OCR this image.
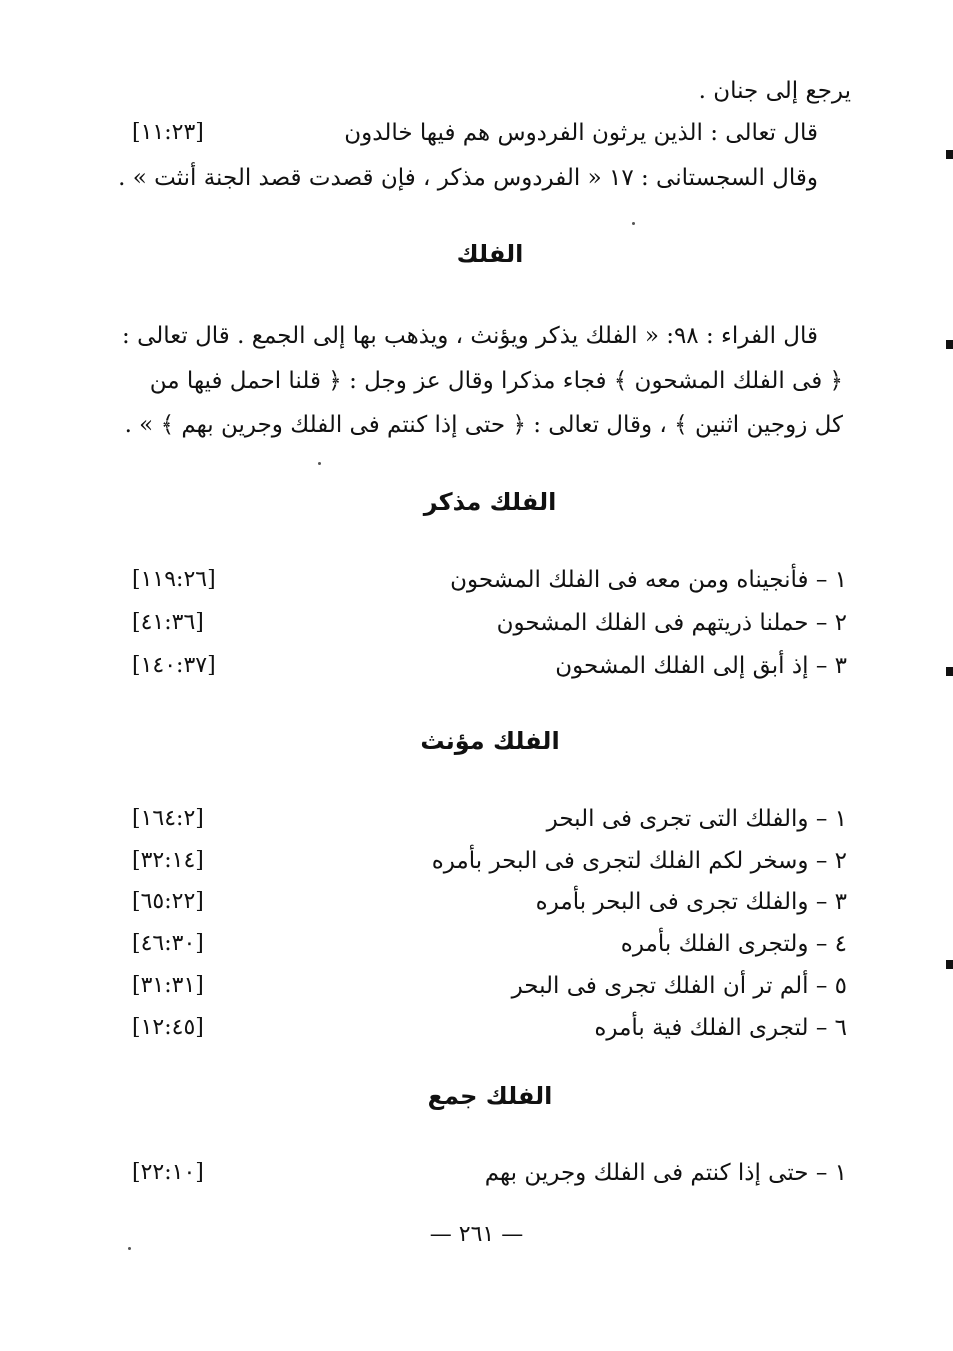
يرجع إلى جنان .
قال تعالى : الذين يرثون الفردوس هم فيها خالدون
[١١:٢٣]
وقال السجستانى : ١٧ « الفردوس مذكر ، فإن قصدت قصد الجنة أنثت » .
الفلك
قال الفراء : ٩٨: « الفلك يذكر ويؤنث ، ويذهب بها إلى الجمع . قال تعالى :
﴿ فى الفلك المشحون ﴾ فجاء مذكرا وقال عز وجل : ﴿ قلنا احمل فيها من
كل زوجين اثنين ﴾ ، وقال تعالى : ﴿ حتى إذا كنتم فى الفلك وجرين بهم ﴾ » .
الفلك مذكر
١ – فأنجيناه ومن معه فى الفلك المشحون
[١١٩:٢٦]
٢ – حملنا ذريتهم فى الفلك المشحون
[٤١:٣٦]
٣ – إذ أبق إلى الفلك المشحون
[١٤٠:٣٧]
الفلك مؤنث
١ – والفلك التى تجرى فى البحر
[١٦٤:٢]
٢ – وسخر لكم الفلك لتجرى فى البحر بأمره
[٣٢:١٤]
٣ – والفلك تجرى فى البحر بأمره
[٦٥:٢٢]
٤ – ولتجرى الفلك بأمره
[٤٦:٣٠]
٥ – ألم تر أن الفلك تجرى فى البحر
[٣١:٣١]
٦ – لتجرى الفلك فية بأمره
[١٢:٤٥]
الفلك جمع
١ – حتى إذا كنتم فى الفلك وجرين بهم
[٢٢:١٠]
— ٢٦١ —
